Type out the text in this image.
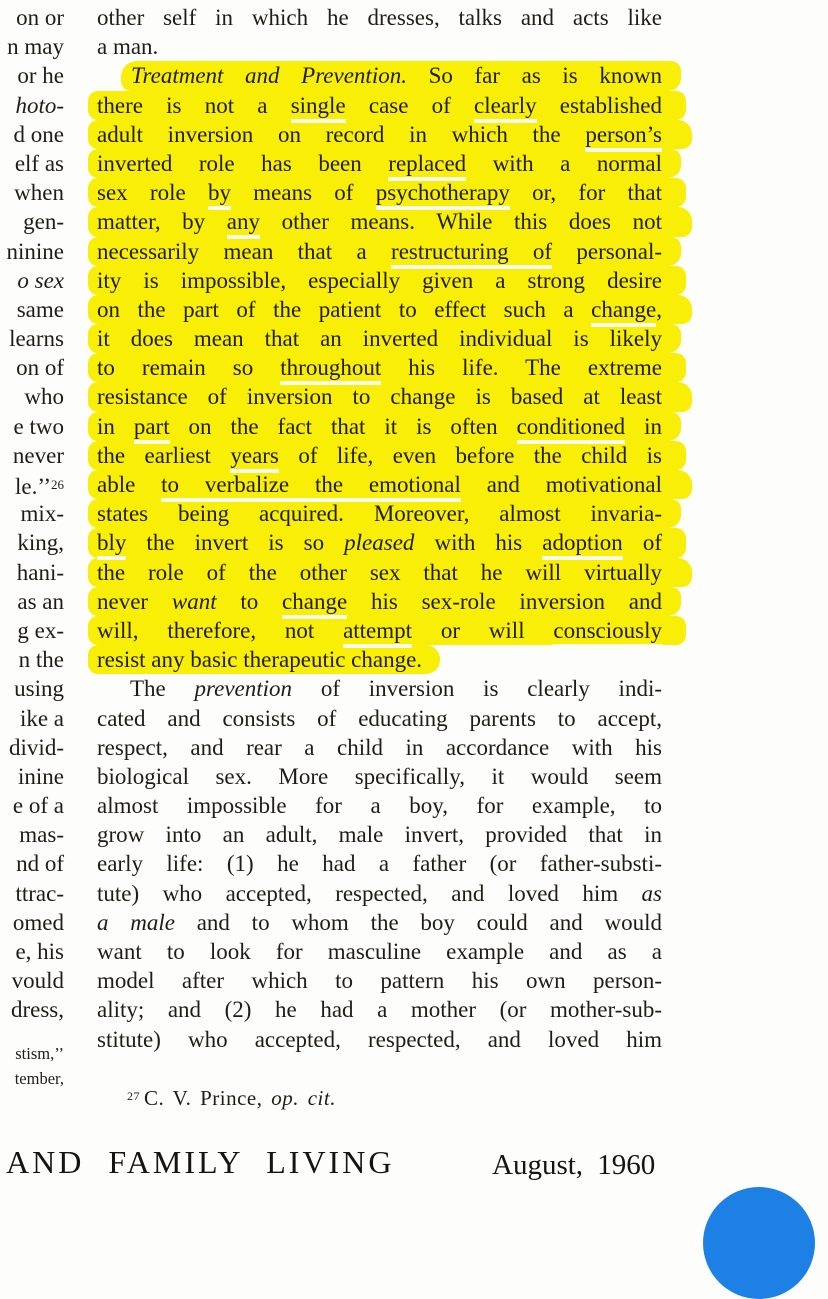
on or
n may
or he
hoto-
d one
elf as
when
gen-
ninine
o sex
same
learns
on of
who
e two
never
le.’’$^{26}$
mix-
king,
hani-
as an
g ex-
n the
using
ike a
divid-
inine
e of a
mas-
nd of
ttrac-
omed
e, his
vould
dress,
stism,’’
tember,
other self in which he dresses, talks and acts like
a man.
Treatment and Prevention. So far as is known
there is not a single case of clearly established
adult inversion on record in which the person’s
inverted role has been replaced with a normal
sex role by means of psychotherapy or, for that
matter, by any other means. While this does not
necessarily mean that a restructuring of personal-
ity is impossible, especially given a strong desire
on the part of the patient to effect such a change,
it does mean that an inverted individual is likely
to remain so throughout his life. The extreme
resistance of inversion to change is based at least
in part on the fact that it is often conditioned in
the earliest years of life, even before the child is
able to verbalize the emotional and motivational
states being acquired. Moreover, almost invaria-
bly the invert is so pleased with his adoption of
the role of the other sex that he will virtually
never want to change his sex-role inversion and
will, therefore, not attempt or will consciously
resist any basic therapeutic change.
The prevention of inversion is clearly indi-
cated and consists of educating parents to accept,
respect, and rear a child in accordance with his
biological sex. More specifically, it would seem
almost impossible for a boy, for example, to
grow into an adult, male invert, provided that in
early life: (1) he had a father (or father-substi-
tute) who accepted, respected, and loved him as
a male and to whom the boy could and would
want to look for masculine example and as a
model after which to pattern his own person-
ality; and (2) he had a mother (or mother-sub-
stitute) who accepted, respected, and loved him
$^{27}$ C. V. Prince, op. cit.
AND FAMILY LIVING	August, 1960
